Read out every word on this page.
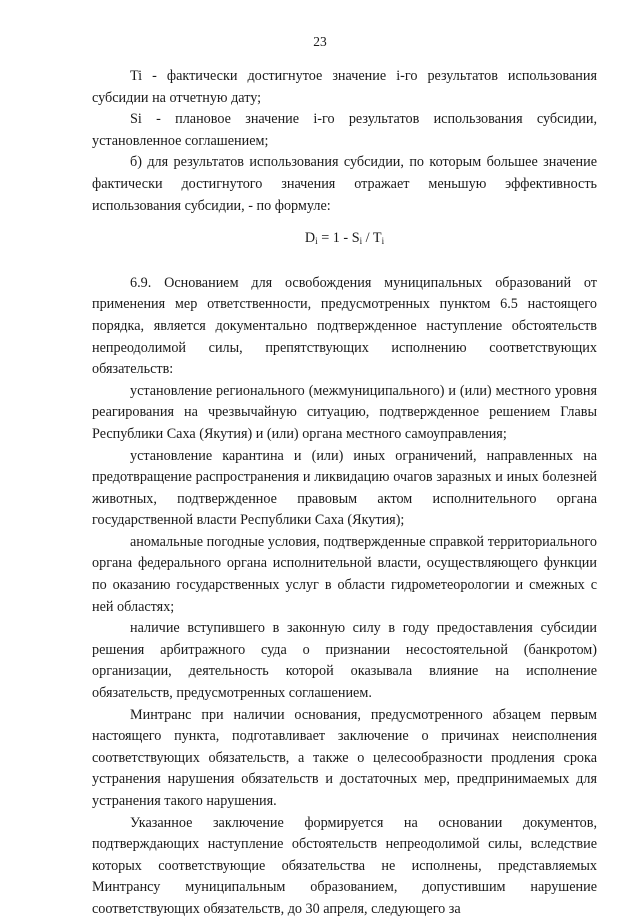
23

Ti - фактически достигнутое значение i-го результатов использования субсидии на отчетную дату;

Si - плановое значение i-го результатов использования субсидии, установленное соглашением;

б) для результатов использования субсидии, по которым большее значение фактически достигнутого значения отражает меньшую эффективность использования субсидии, - по формуле:

$D_i = 1 - S_i / T_i$

6.9. Основанием для освобождения муниципальных образований от применения мер ответственности, предусмотренных пунктом 6.5 настоящего порядка, является документально подтвержденное наступление обстоятельств непреодолимой силы, препятствующих исполнению соответствующих обязательств:

установление регионального (межмуниципального) и (или) местного уровня реагирования на чрезвычайную ситуацию, подтвержденное решением Главы Республики Саха (Якутия) и (или) органа местного самоуправления;

установление карантина и (или) иных ограничений, направленных на предотвращение распространения и ликвидацию очагов заразных и иных болезней животных, подтвержденное правовым актом исполнительного органа государственной власти Республики Саха (Якутия);

аномальные погодные условия, подтвержденные справкой территориального органа федерального органа исполнительной власти, осуществляющего функции по оказанию государственных услуг в области гидрометеорологии и смежных с ней областях;

наличие вступившего в законную силу в году предоставления субсидии решения арбитражного суда о признании несостоятельной (банкротом) организации, деятельность которой оказывала влияние на исполнение обязательств, предусмотренных соглашением.

Минтранс при наличии основания, предусмотренного абзацем первым настоящего пункта, подготавливает заключение о причинах неисполнения соответствующих обязательств, а также о целесообразности продления срока устранения нарушения обязательств и достаточных мер, предпринимаемых для устранения такого нарушения.

Указанное заключение формируется на основании документов, подтверждающих наступление обстоятельств непреодолимой силы, вследствие которых соответствующие обязательства не исполнены, представляемых Минтрансу муниципальным образованием, допустившим нарушение соответствующих обязательств, до 30 апреля, следующего за
